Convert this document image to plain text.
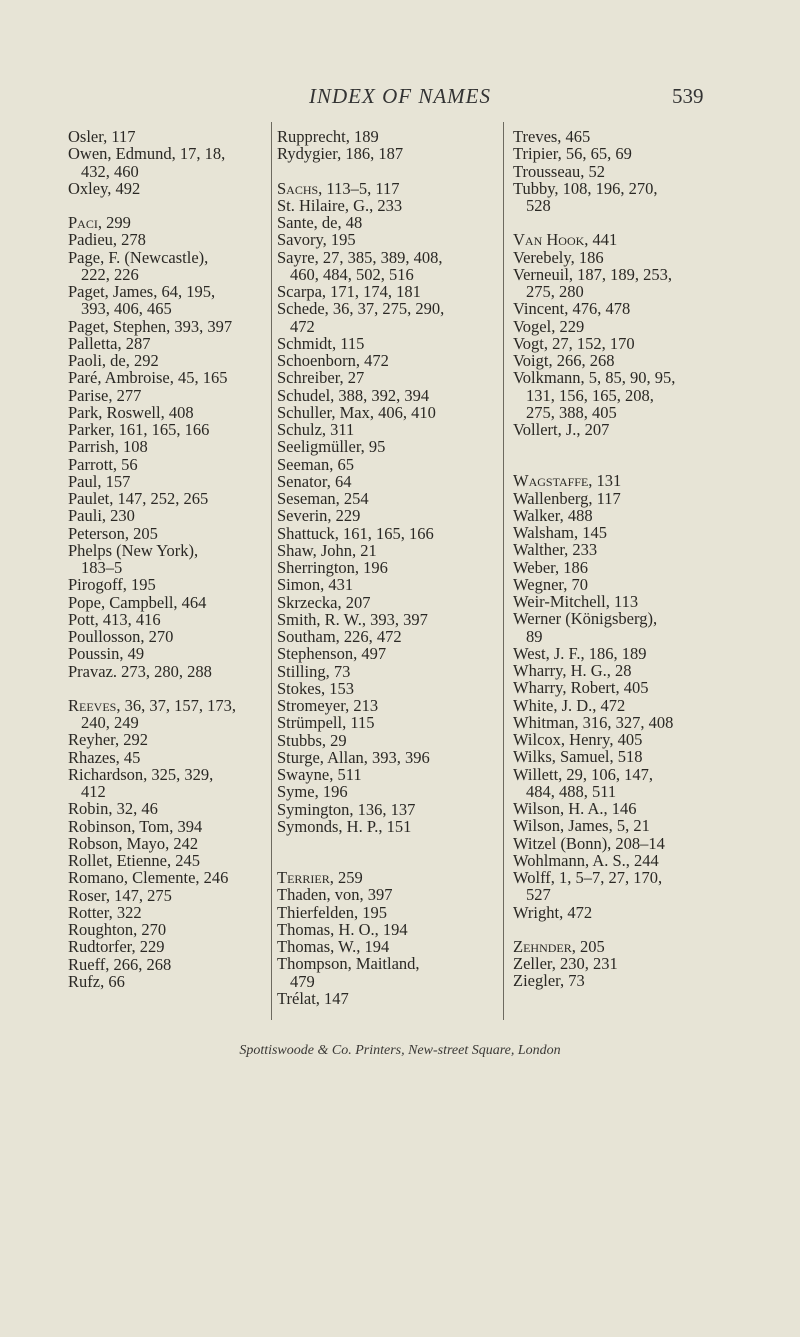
INDEX OF NAMES	539
Osler, 117
Owen, Edmund, 17, 18,
432, 460
Oxley, 492
Paci, 299
Padieu, 278
Page, F. (Newcastle),
222, 226
Paget, James, 64, 195,
393, 406, 465
Paget, Stephen, 393, 397
Palletta, 287
Paoli, de, 292
Paré, Ambroise, 45, 165
Parise, 277
Park, Roswell, 408
Parker, 161, 165, 166
Parrish, 108
Parrott, 56
Paul, 157
Paulet, 147, 252, 265
Pauli, 230
Peterson, 205
Phelps (New York),
183–5
Pirogoff, 195
Pope, Campbell, 464
Pott, 413, 416
Poullosson, 270
Poussin, 49
Pravaz. 273, 280, 288
Reeves, 36, 37, 157, 173,
240, 249
Reyher, 292
Rhazes, 45
Richardson, 325, 329,
412
Robin, 32, 46
Robinson, Tom, 394
Robson, Mayo, 242
Rollet, Etienne, 245
Romano, Clemente, 246
Roser, 147, 275
Rotter, 322
Roughton, 270
Rudtorfer, 229
Rueff, 266, 268
Rufz, 66
Rupprecht, 189
Rydygier, 186, 187
Sachs, 113–5, 117
St. Hilaire, G., 233
Sante, de, 48
Savory, 195
Sayre, 27, 385, 389, 408,
460, 484, 502, 516
Scarpa, 171, 174, 181
Schede, 36, 37, 275, 290,
472
Schmidt, 115
Schoenborn, 472
Schreiber, 27
Schudel, 388, 392, 394
Schuller, Max, 406, 410
Schulz, 311
Seeligmüller, 95
Seeman, 65
Senator, 64
Seseman, 254
Severin, 229
Shattuck, 161, 165, 166
Shaw, John, 21
Sherrington, 196
Simon, 431
Skrzecka, 207
Smith, R. W., 393, 397
Southam, 226, 472
Stephenson, 497
Stilling, 73
Stokes, 153
Stromeyer, 213
Strümpell, 115
Stubbs, 29
Sturge, Allan, 393, 396
Swayne, 511
Syme, 196
Symington, 136, 137
Symonds, H. P., 151
Terrier, 259
Thaden, von, 397
Thierfelden, 195
Thomas, H. O., 194
Thomas, W., 194
Thompson, Maitland,
479
Trélat, 147
Treves, 465
Tripier, 56, 65, 69
Trousseau, 52
Tubby, 108, 196, 270,
528
Van Hook, 441
Verebely, 186
Verneuil, 187, 189, 253,
275, 280
Vincent, 476, 478
Vogel, 229
Vogt, 27, 152, 170
Voigt, 266, 268
Volkmann, 5, 85, 90, 95,
131, 156, 165, 208,
275, 388, 405
Vollert, J., 207
Wagstaffe, 131
Wallenberg, 117
Walker, 488
Walsham, 145
Walther, 233
Weber, 186
Wegner, 70
Weir-Mitchell, 113
Werner (Königsberg),
89
West, J. F., 186, 189
Wharry, H. G., 28
Wharry, Robert, 405
White, J. D., 472
Whitman, 316, 327, 408
Wilcox, Henry, 405
Wilks, Samuel, 518
Willett, 29, 106, 147,
484, 488, 511
Wilson, H. A., 146
Wilson, James, 5, 21
Witzel (Bonn), 208–14
Wohlmann, A. S., 244
Wolff, 1, 5–7, 27, 170,
527
Wright, 472
Zehnder, 205
Zeller, 230, 231
Ziegler, 73
Spottiswoode & Co. Printers, New-street Square, London
